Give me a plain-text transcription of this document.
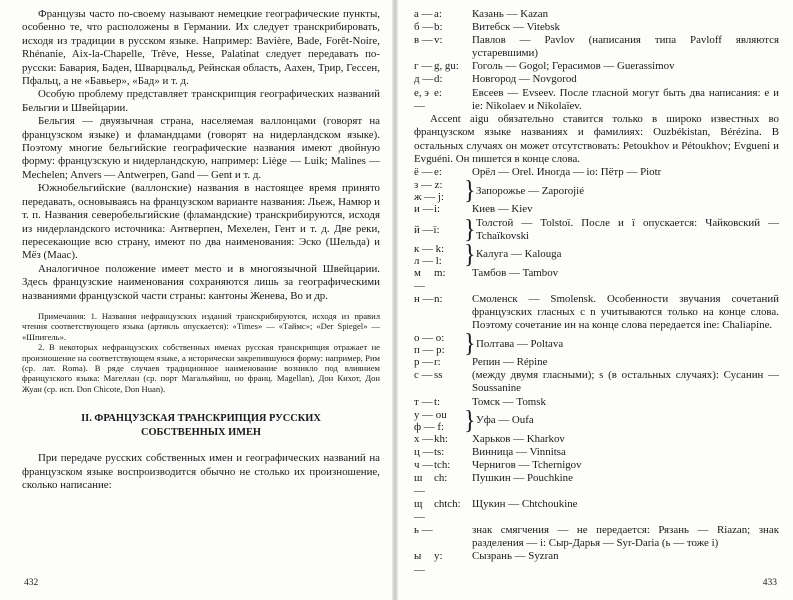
Французы часто по-своему называют немецкие географические пункты, особенно те, что расположены в Германии. Их следует транскрибировать, исходя из традиции в русском языке. Например: Bavière, Bade, Forêt-Noire, Rhénanie, Aix-la-Chapelle, Trêve, Hesse, Palatinat следует передавать по-русски: Бавария, Баден, Шварцвальд, Рейнская область, Аахен, Трир, Гессен, Пфальц, а не «Бавьер», «Бад» и т. д.

Особую проблему представляет транскрипция географических названий Бельгии и Швейцарии.

Бельгия — двуязычная страна, населяемая валлонцами (говорят на французском языке) и фламандцами (говорят на нидерландском языке). Поэтому многие бельгийские географические названия имеют двойную форму: французскую и нидерландскую, например: Liège — Luik; Malines — Mechelen; Anvers — Antwerpen, Gand — Gent и т. д.

Южнобельгийские (валлонские) названия в настоящее время принято передавать, основываясь на французском варианте названия: Льеж, Намюр и т. п. Названия северобельгийские (фламандские) транскрибируются, исходя из нидерландского источника: Антверпен, Мехелен, Гент и т. д. Две реки, пересекающие всю страну, имеют по два наименования: Эско (Шельда) и Мёз (Маас).

Аналогичное положение имеет место и в многоязычной Швейцарии. Здесь французские наименования сохраняются лишь за географическими названиями французской части страны: кантоны Женева, Во и др.

Примечания: 1. Названия нефранцузских изданий транскрибируются, исходя из правил чтения соответствующего языка (артикль опускается): «Times» — «Таймс»; «Der Spiegel» — «Шпигель».

2. В некоторых нефранцузских собственных именах русская транскрипция отражает не произношение на соответствующем языке, а исторически закрепившуюся форму: например, Рим (ср. лат. Roma). В ряде случаев традиционное наименование возникло под влиянием французского языка: Магеллан (ср. порт Магальяйнш, но франц. Magellan), Дон Кихот, Дон Жуан (ср. исп. Don Chicote, Don Huan).

II. ФРАНЦУЗСКАЯ ТРАНСКРИПЦИЯ РУССКИХ
СОБСТВЕННЫХ ИМЕН

При передаче русских собственных имен и географических названий на французском языке воспроизводится обычно не столько их произношение, сколько написание:

432
а — a:	Казань — Kazan
б — b:	Витебск — Vitebsk
в — v:	Павлов — Pavlov (написания типа Pavloff являются устаревшими)
г — g, gu:	Гоголь — Gogol; Герасимов — Guerassimov
д — d:	Новгород — Novgorod
е, э —
e:	Евсеев — Evseev. После гласной могут быть два написания: e и ie: Nikolaev и Nikolaïev.

Accent aigu обязательно ставится только в широко известных во французском языке названиях и фамилиях: Ouzbékistan, Bérézina. В остальных случаях он может отсутствовать: Petoukhov и Pétoukhov; Evgueni и Evguéni. Он пишется в конце слова.

ё — e:	Орёл — Orel. Иногда — io: Пётр — Piotr
з — z:
ж — j: } Запорожье — Zaporojié
и — i:	Киев — Kiev
й —ï:	} Толстой — Tolstoï. После и ï опускается: Чайковский — Tchaïkovski
к — k:
л — l: } Калуга — Kalouga
м —
m:	Тамбов — Tambov
н — n:	Смоленск — Smolensk. Особенности звучания сочетаний французских гласных с n учитываются только на конце слова. Поэтому сочетание ин на конце слова передается ine: Chaliapine.
о — o:
п — p: } Полтава — Poltava
р — r:	Репин — Répine
с — ss	(между двумя гласными); s (в остальных случаях): Сусанин — Soussanine
т — t:	Томск — Tomsk
у — ou
ф — f: } Уфа — Oufa
х — kh:	Харьков — Kharkov
ц — ts:	Винница — Vinnitsa
ч — tch:	Чернигов — Tchernigov
ш —
ch:	Пушкин — Pouchkine
щ —
chtch:	Щукин — Chtchoukine
ь —	знак смягчения — не передается: Рязань — Riazan; знак разделения — i: Сыр-Дарья — Syr-Daria (ь — тоже i)
ы —
y:	Сызрань — Syzran
433
